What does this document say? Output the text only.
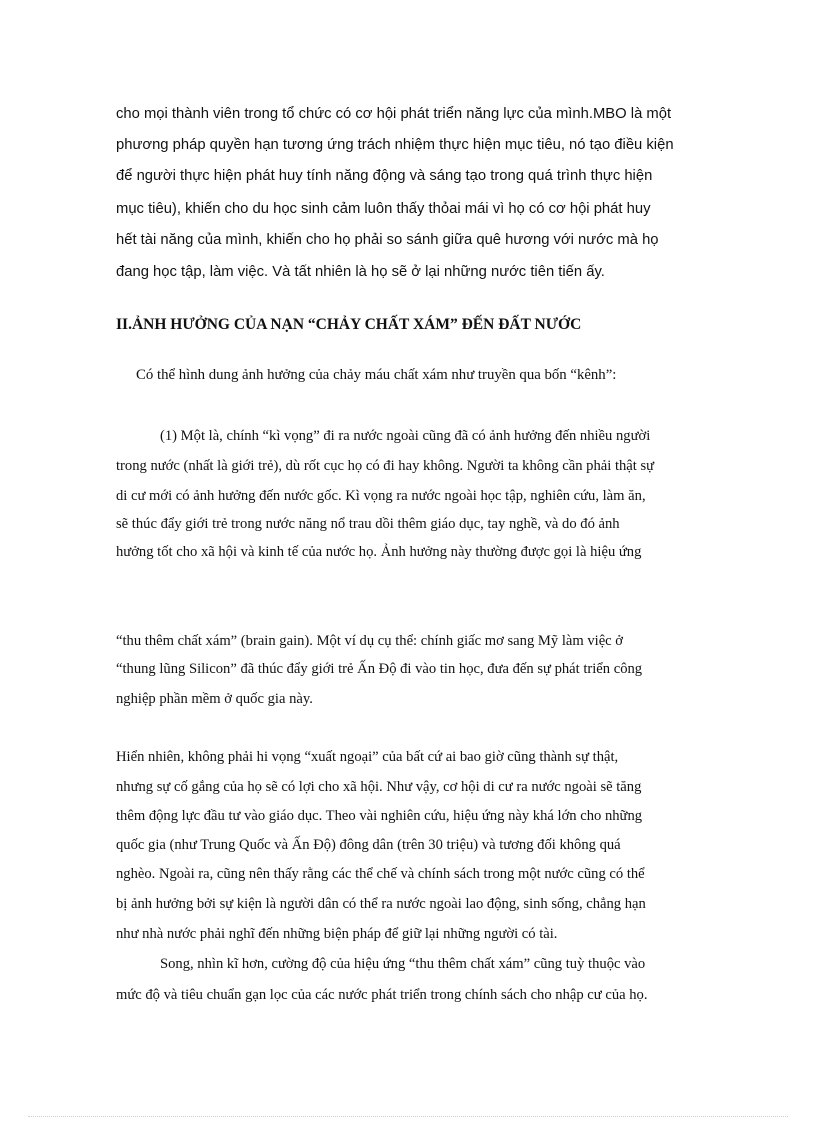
cho mọi thành viên trong tổ chức có cơ hội phát triển năng lực của mình.MBO là một
phương pháp quyền hạn tương ứng trách nhiệm thực hiện mục tiêu, nó tạo điều kiện
để người thực hiện phát huy tính năng động và sáng tạo trong quá trình thực hiện
mục tiêu), khiến cho du học sinh cảm luôn thấy thỏai mái vì họ có cơ hội phát huy
hết tài năng của mình, khiến cho họ phải so sánh giữa quê hương với nước mà họ
đang học tập, làm việc. Và tất nhiên là họ sẽ ở lại những nước tiên tiến ấy.
II.ẢNH HƯỞNG CỦA NẠN “CHẢY CHẤT XÁM” ĐẾN ĐẤT NƯỚC
Có thể hình dung ảnh hưởng của chảy máu chất xám như truyền qua bốn “kênh”:
(1) Một là, chính “kì vọng” đi ra nước ngoài cũng đã có ảnh hưởng đến nhiều người
trong nước (nhất là giới trẻ), dù rốt cục họ có đi hay không. Người ta không cần phải thật sự
di cư mới có ảnh hưởng đến nước gốc. Kì vọng ra nước ngoài học tập, nghiên cứu, làm ăn,
sẽ thúc đẩy giới trẻ trong nước năng nổ trau dồi thêm giáo dục, tay nghề, và do đó ảnh
hưởng tốt cho xã hội và kinh tế của nước họ. Ảnh hưởng này thường được gọi là hiệu ứng
“thu thêm chất xám” (brain gain). Một ví dụ cụ thể: chính giấc mơ sang Mỹ làm việc ở
“thung lũng Silicon” đã thúc đẩy giới trẻ Ấn Độ đi vào tin học, đưa đến sự phát triển công
nghiệp phần mềm ở quốc gia này.
Hiển nhiên, không phải hi vọng “xuất ngoại” của bất cứ ai bao giờ cũng thành sự thật,
nhưng sự cố gắng của họ sẽ có lợi cho xã hội. Như vậy, cơ hội di cư ra nước ngoài sẽ tăng
thêm động lực đầu tư vào giáo dục. Theo vài nghiên cứu, hiệu ứng này khá lớn cho những
quốc gia (như Trung Quốc và Ấn Độ) đông dân (trên 30 triệu) và tương đối không quá
nghèo. Ngoài ra, cũng nên thấy rằng các thể chế và chính sách trong một nước cũng có thể
bị ảnh hưởng bởi sự kiện là người dân có thể ra nước ngoài lao động, sinh sống, chẳng hạn
như nhà nước phải nghĩ đến những biện pháp để giữ lại những người có tài.
Song, nhìn kĩ hơn, cường độ của hiệu ứng “thu thêm chất xám” cũng tuỳ thuộc vào
mức độ và tiêu chuẩn gạn lọc của các nước phát triển trong chính sách cho nhập cư của họ.
